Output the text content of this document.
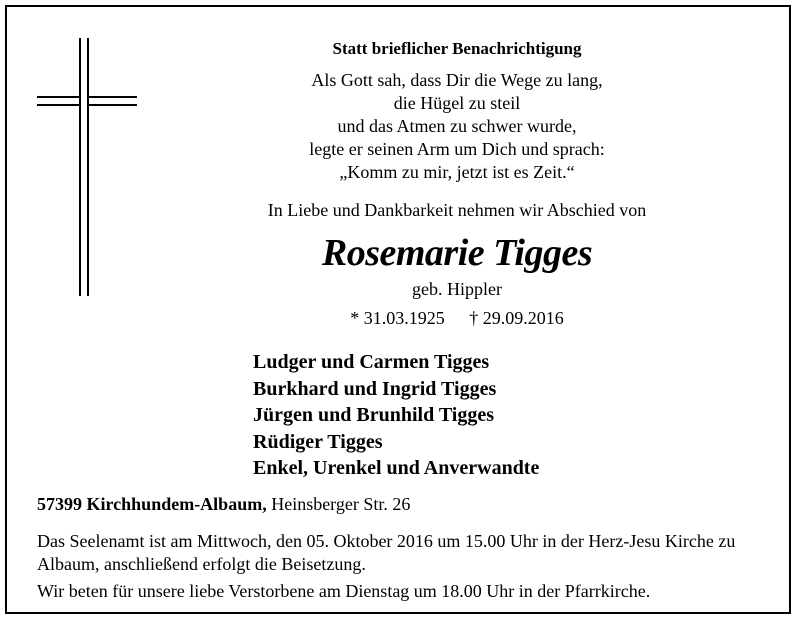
Statt brieflicher Benachrichtigung
Als Gott sah, dass Dir die Wege zu lang,
die Hügel zu steil
und das Atmen zu schwer wurde,
legte er seinen Arm um Dich und sprach:
„Komm zu mir, jetzt ist es Zeit.“
In Liebe und Dankbarkeit nehmen wir Abschied von
Rosemarie Tigges
geb. Hippler
* 31.03.1925 † 29.09.2016
Ludger und Carmen Tigges
Burkhard und Ingrid Tigges
Jürgen und Brunhild Tigges
Rüdiger Tigges
Enkel, Urenkel und Anverwandte
57399 Kirchhundem-Albaum, Heinsberger Str. 26
Das Seelenamt ist am Mittwoch, den 05. Oktober 2016 um 15.00 Uhr in der Herz-Jesu Kirche zu Albaum, anschließend erfolgt die Beisetzung.
Wir beten für unsere liebe Verstorbene am Dienstag um 18.00 Uhr in der Pfarrkirche.
